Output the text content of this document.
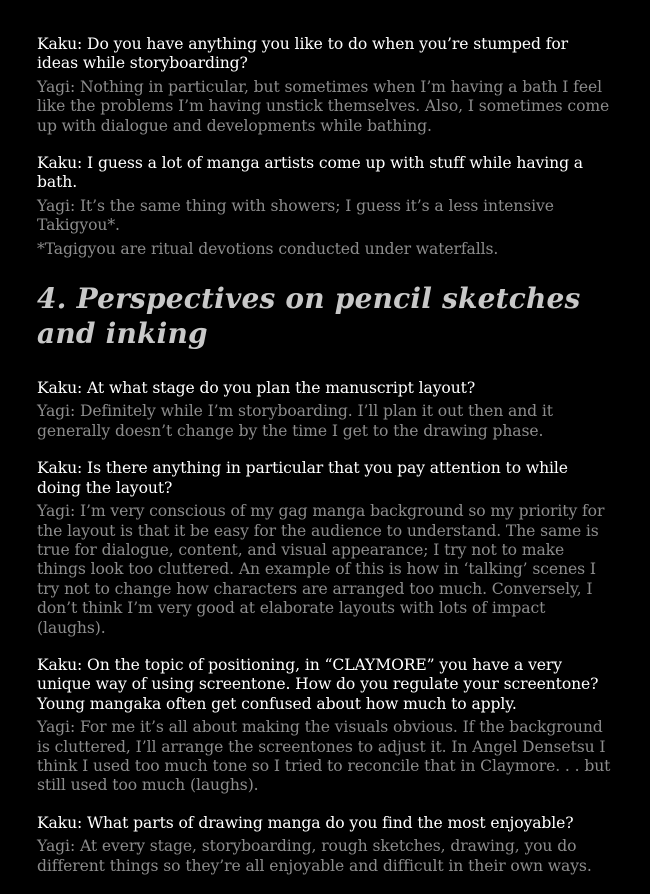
Kaku: Do you have anything you like to do when you’re stumped for ideas while storyboarding?

Yagi: Nothing in particular, but sometimes when I’m having a bath I feel like the problems I’m having unstick themselves. Also, I sometimes come up with dialogue and developments while bathing.

Kaku: I guess a lot of manga artists come up with stuff while having a bath.

Yagi: It’s the same thing with showers; I guess it’s a less intensive Takigyou*.

*Tagigyou are ritual devotions conducted under waterfalls.

4. Perspectives on pencil sketches and inking

Kaku: At what stage do you plan the manuscript layout?

Yagi: Definitely while I’m storyboarding. I’ll plan it out then and it generally doesn’t change by the time I get to the drawing phase.

Kaku: Is there anything in particular that you pay attention to while doing the layout?

Yagi: I’m very conscious of my gag manga background so my priority for the layout is that it be easy for the audience to understand. The same is true for dialogue, content, and visual appearance; I try not to make things look too cluttered. An example of this is how in ‘talking’ scenes I try not to change how characters are arranged too much. Conversely, I don’t think I’m very good at elaborate layouts with lots of impact (laughs).

Kaku: On the topic of positioning, in “CLAYMORE” you have a very unique way of using screentone. How do you regulate your screentone? Young mangaka often get confused about how much to apply.

Yagi: For me it’s all about making the visuals obvious. If the background is cluttered, I’ll arrange the screentones to adjust it. In Angel Densetsu I think I used too much tone so I tried to reconcile that in Claymore. . . but still used too much (laughs).

Kaku: What parts of drawing manga do you find the most enjoyable?

Yagi: At every stage, storyboarding, rough sketches, drawing, you do different things so they’re all enjoyable and difficult in their own ways.
